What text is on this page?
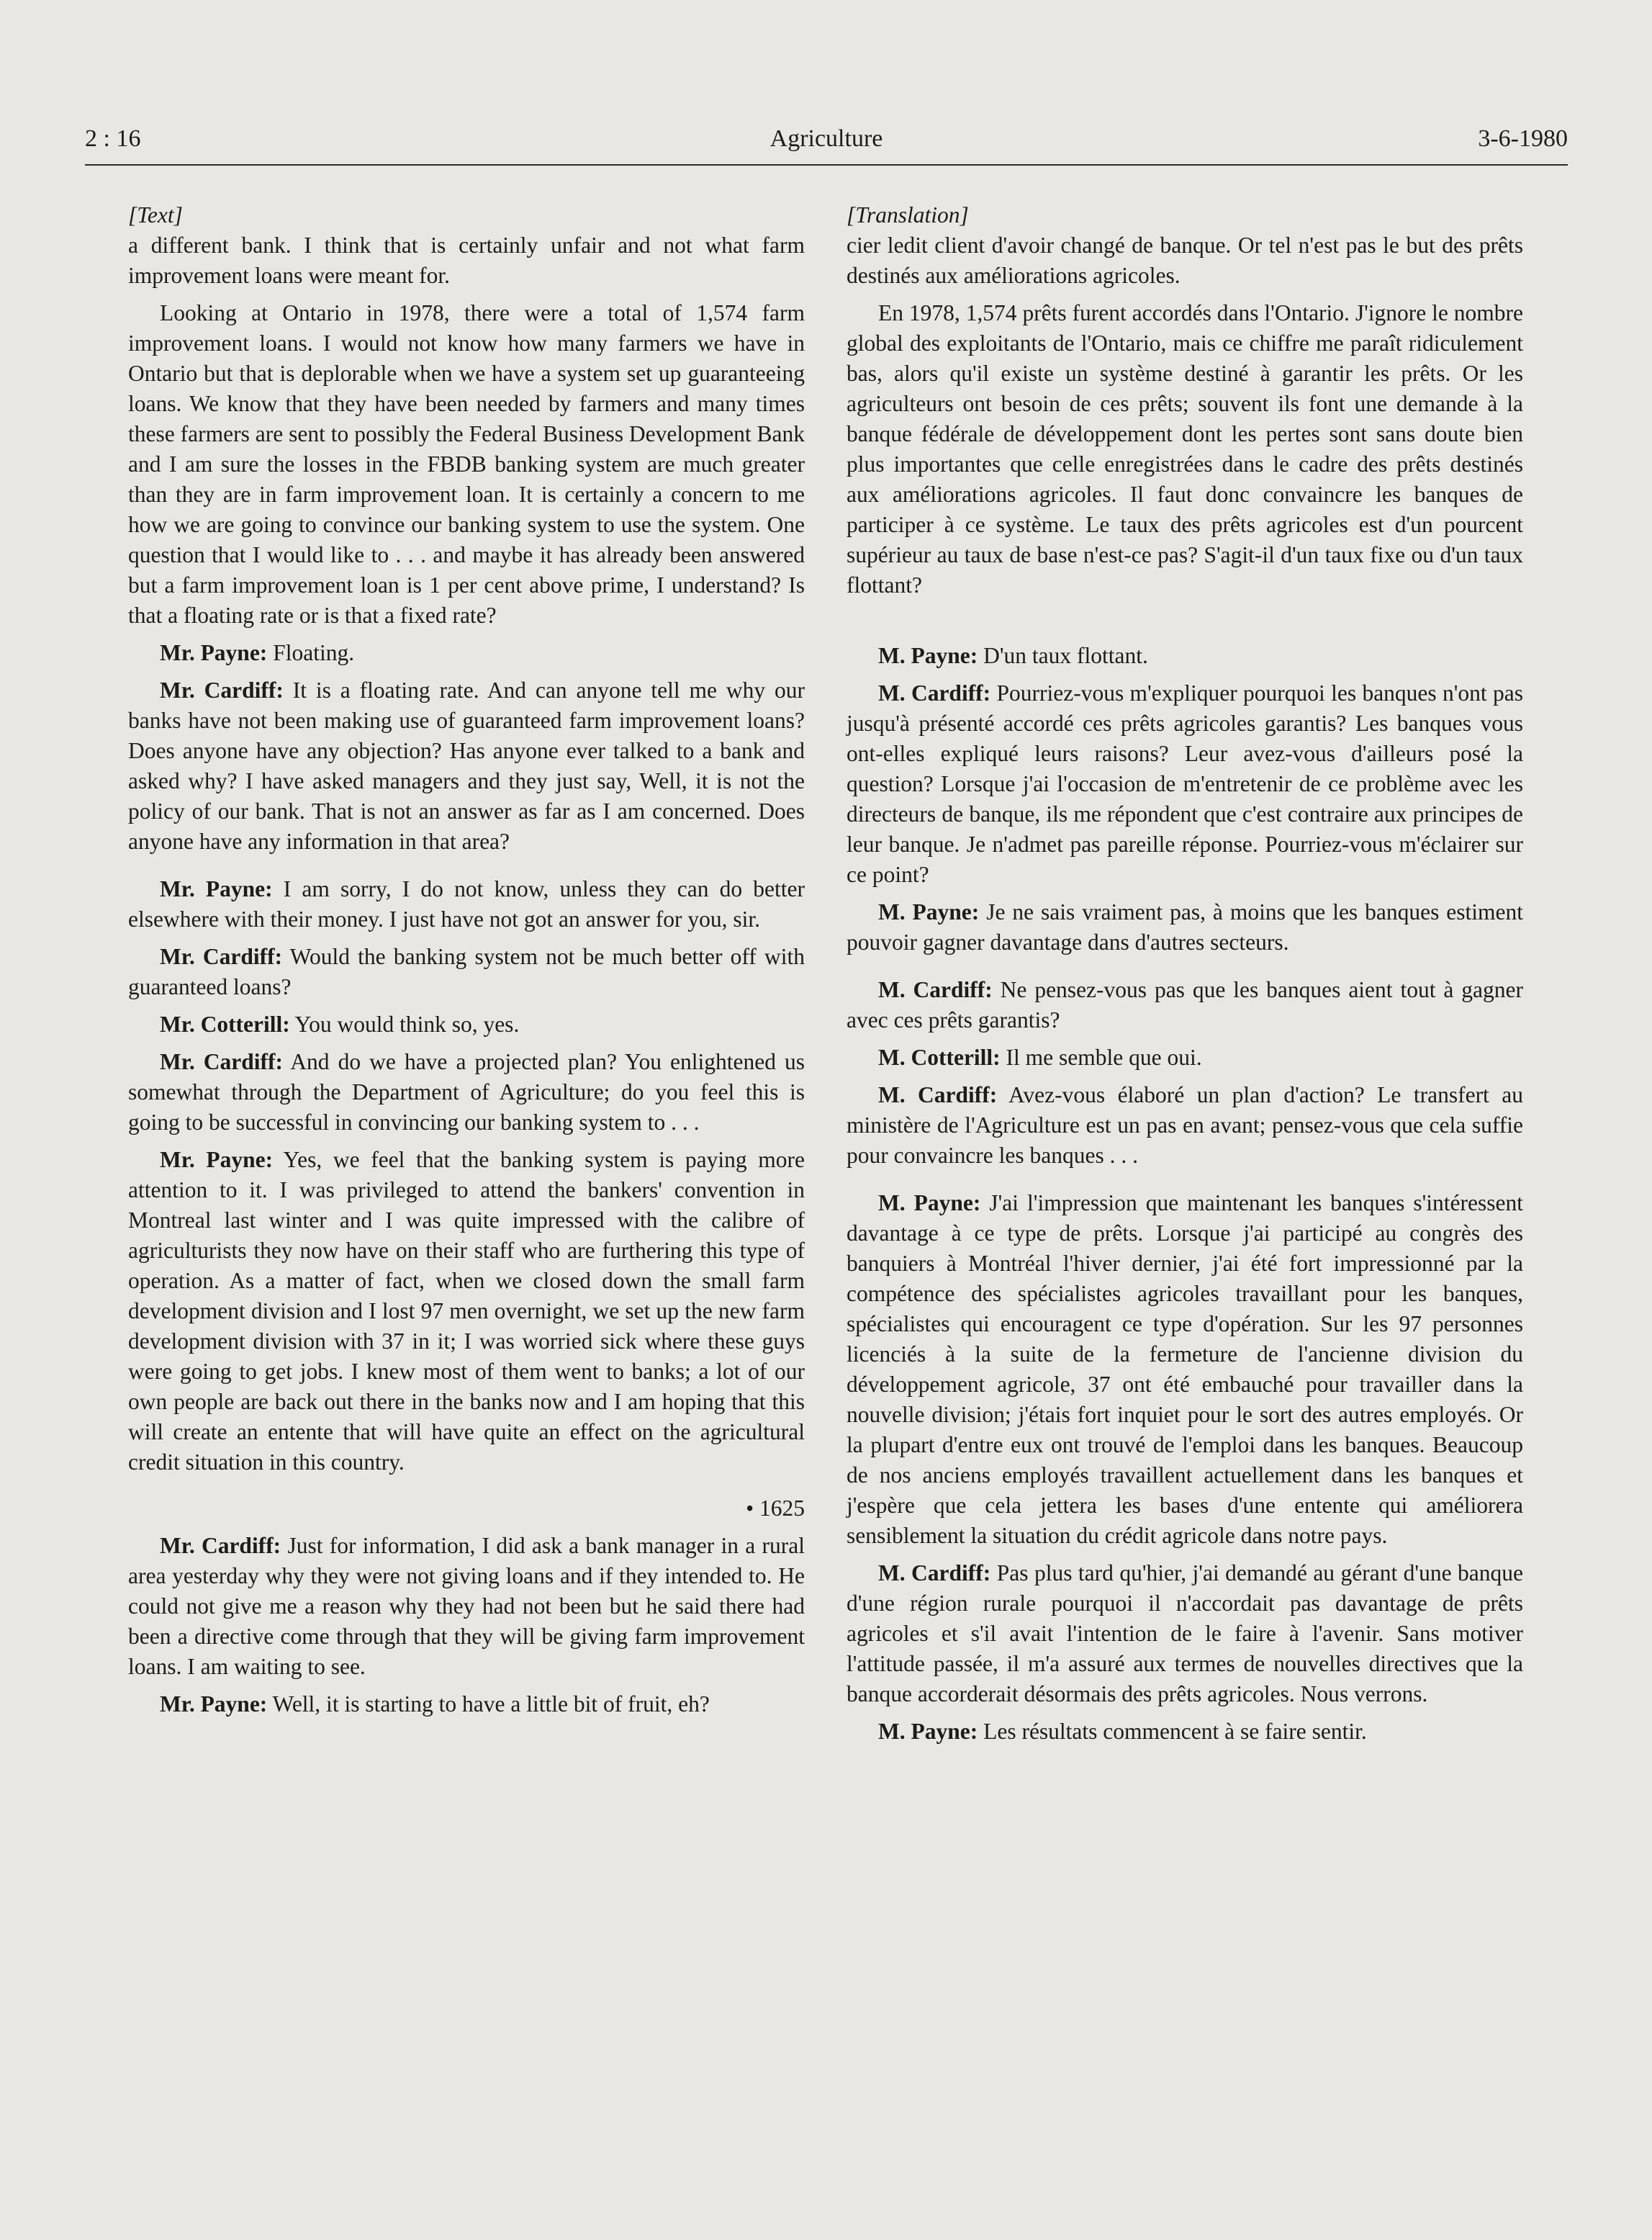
2 : 16	Agriculture	3-6-1980

[Text]

a different bank. I think that is certainly unfair and not what farm improvement loans were meant for.

Looking at Ontario in 1978, there were a total of 1,574 farm improvement loans. I would not know how many farmers we have in Ontario but that is deplorable when we have a system set up guaranteeing loans. We know that they have been needed by farmers and many times these farmers are sent to possibly the Federal Business Development Bank and I am sure the losses in the FBDB banking system are much greater than they are in farm improvement loan. It is certainly a concern to me how we are going to convince our banking system to use the system. One question that I would like to . . . and maybe it has already been answered but a farm improvement loan is 1 per cent above prime, I understand? Is that a floating rate or is that a fixed rate?

Mr. Payne: Floating.

Mr. Cardiff: It is a floating rate. And can anyone tell me why our banks have not been making use of guaranteed farm improvement loans? Does anyone have any objection? Has anyone ever talked to a bank and asked why? I have asked managers and they just say, Well, it is not the policy of our bank. That is not an answer as far as I am concerned. Does anyone have any information in that area?

Mr. Payne: I am sorry, I do not know, unless they can do better elsewhere with their money. I just have not got an answer for you, sir.

Mr. Cardiff: Would the banking system not be much better off with guaranteed loans?

Mr. Cotterill: You would think so, yes.

Mr. Cardiff: And do we have a projected plan? You enlightened us somewhat through the Department of Agriculture; do you feel this is going to be successful in convincing our banking system to . . .

Mr. Payne: Yes, we feel that the banking system is paying more attention to it. I was privileged to attend the bankers' convention in Montreal last winter and I was quite impressed with the calibre of agriculturists they now have on their staff who are furthering this type of operation. As a matter of fact, when we closed down the small farm development division and I lost 97 men overnight, we set up the new farm development division with 37 in it; I was worried sick where these guys were going to get jobs. I knew most of them went to banks; a lot of our own people are back out there in the banks now and I am hoping that this will create an entente that will have quite an effect on the agricultural credit situation in this country.

• 1625

Mr. Cardiff: Just for information, I did ask a bank manager in a rural area yesterday why they were not giving loans and if they intended to. He could not give me a reason why they had not been but he said there had been a directive come through that they will be giving farm improvement loans. I am waiting to see.

Mr. Payne: Well, it is starting to have a little bit of fruit, eh?

[Translation]

cier ledit client d'avoir changé de banque. Or tel n'est pas le but des prêts destinés aux améliorations agricoles.

En 1978, 1,574 prêts furent accordés dans l'Ontario. J'ignore le nombre global des exploitants de l'Ontario, mais ce chiffre me paraît ridiculement bas, alors qu'il existe un système destiné à garantir les prêts. Or les agriculteurs ont besoin de ces prêts; souvent ils font une demande à la banque fédérale de développement dont les pertes sont sans doute bien plus importantes que celle enregistrées dans le cadre des prêts destinés aux améliorations agricoles. Il faut donc convaincre les banques de participer à ce système. Le taux des prêts agricoles est d'un pourcent supérieur au taux de base n'est-ce pas? S'agit-il d'un taux fixe ou d'un taux flottant?

M. Payne: D'un taux flottant.

M. Cardiff: Pourriez-vous m'expliquer pourquoi les banques n'ont pas jusqu'à présenté accordé ces prêts agricoles garantis? Les banques vous ont-elles expliqué leurs raisons? Leur avez-vous d'ailleurs posé la question? Lorsque j'ai l'occasion de m'entretenir de ce problème avec les directeurs de banque, ils me répondent que c'est contraire aux principes de leur banque. Je n'admet pas pareille réponse. Pourriez-vous m'éclairer sur ce point?

M. Payne: Je ne sais vraiment pas, à moins que les banques estiment pouvoir gagner davantage dans d'autres secteurs.

M. Cardiff: Ne pensez-vous pas que les banques aient tout à gagner avec ces prêts garantis?

M. Cotterill: Il me semble que oui.

M. Cardiff: Avez-vous élaboré un plan d'action? Le transfert au ministère de l'Agriculture est un pas en avant; pensez-vous que cela suffie pour convaincre les banques . . .

M. Payne: J'ai l'impression que maintenant les banques s'intéressent davantage à ce type de prêts. Lorsque j'ai participé au congrès des banquiers à Montréal l'hiver dernier, j'ai été fort impressionné par la compétence des spécialistes agricoles travaillant pour les banques, spécialistes qui encouragent ce type d'opération. Sur les 97 personnes licenciés à la suite de la fermeture de l'ancienne division du développement agricole, 37 ont été embauché pour travailler dans la nouvelle division; j'étais fort inquiet pour le sort des autres employés. Or la plupart d'entre eux ont trouvé de l'emploi dans les banques. Beaucoup de nos anciens employés travaillent actuellement dans les banques et j'espère que cela jettera les bases d'une entente qui améliorera sensiblement la situation du crédit agricole dans notre pays.

M. Cardiff: Pas plus tard qu'hier, j'ai demandé au gérant d'une banque d'une région rurale pourquoi il n'accordait pas davantage de prêts agricoles et s'il avait l'intention de le faire à l'avenir. Sans motiver l'attitude passée, il m'a assuré aux termes de nouvelles directives que la banque accorderait désormais des prêts agricoles. Nous verrons.

M. Payne: Les résultats commencent à se faire sentir.
